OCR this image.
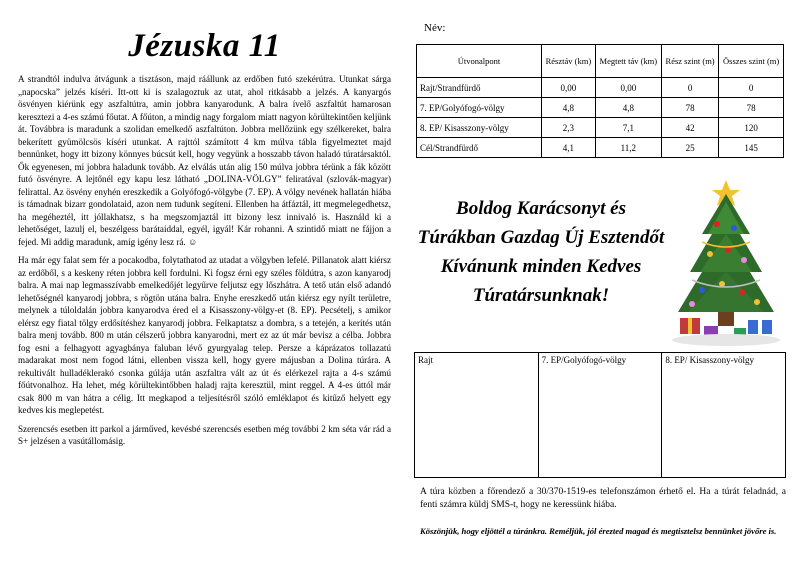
Jézuska 11

A strandtól indulva átvágunk a tisztáson, majd ráállunk az erdőben futó szekérútra. Utunkat sárga „napocska” jelzés kíséri. Itt-ott ki is szalagoztuk az utat, ahol ritkásabb a jelzés. A kanyargós ösvényen kiérünk egy aszfaltútra, amin jobbra kanyarodunk. A balra ívelő aszfaltút hamarosan keresztezi a 4-es számú főutat. A főúton, a mindig nagy forgalom miatt nagyon körültekintően keljünk át. Továbbra is maradunk a szolidan emelkedő aszfaltúton. Jobbra mellőzünk egy szélkereket, balra bekerített gyümölcsös kíséri utunkat. A rajttól számított 4 km múlva tábla figyelmeztet majd bennünket, hogy itt bizony könnyes búcsút kell, hogy vegyünk a hosszabb távon haladó túratársaktól. Ők egyenesen, mi jobbra haladunk tovább. Az elválás után alig 150 múlva jobbra térünk a fák között futó ösvényre. A lejtőnél egy kapu lesz látható „DOLINA-VÖLGY” feliratával (szlovák-magyar) felirattal. Az ösvény enyhén ereszkedik a Golyófogó-völgybe (7. EP). A völgy nevének hallatán hiába is támadnak bizarr gondolataid, azon nem tudunk segíteni. Ellenben ha átfáztál, itt megmelegedhetsz, ha megéheztél, itt jóllakhatsz, s ha megszomjaztál itt bizony lesz innivaló is. Használd ki a lehetőséget, lazulj el, beszélgess barátaiddal, egyél, igyál! Kár rohanni. A szintidő miatt ne fájjon a fejed. Mi addig maradunk, amíg igény lesz rá. ☺

Ha már egy falat sem fér a pocakodba, folytathatod az utadat a völgyben lefelé. Pillanatok alatt kiérsz az erdőből, s a keskeny réten jobbra kell fordulni. Ki fogsz érni egy széles földútra, s azon kanyarodj balra. A mai nap legmasszívabb emelkedőjét legyűrve feljutsz egy lőszhátra. A tető után első adandó lehetőségnél kanyarodj jobbra, s rögtön utána balra. Enyhe ereszkedő után kiérsz egy nyílt területre, melynek a túloldalán jobbra kanyarodva éred el a Kisasszony-völgy-et (8. EP). Pecsételj, s amikor elérsz egy fiatal tölgy erdősítéshez kanyarodj jobbra. Felkaptatsz a dombra, s a tetején, a kerítés után balra menj tovább. 800 m után célszerű jobbra kanyarodni, mert ez az út már bevisz a célba. Jobbra fog esni a felhagyott agyagbánya faluban lévő gyurgyalag telep. Persze a káprázatos tollazatú madarakat most nem fogod látni, ellenben vissza kell, hogy gyere májusban a Dolina túrára. A rekultivált hulladéklerakó csonka gúlája után aszfaltra vált az út és elérkezel rajta a 4-s számú főútvonalhoz. Ha lehet, még körültekintőbben haladj rajta keresztül, mint reggel. A 4-es úttól már csak 800 m van hátra a célig. Itt megkapod a teljesítésről szóló emléklapot és kitűző helyett egy kedves kis meglepetést.

Szerencsés esetben itt parkol a járműved, kevésbé szerencsés esetben még további 2 km séta vár rád a S+ jelzésen a vasútállomásig.

Név:
Útvonalpont	Résztáv (km)	Megtett táv (km)	Rész szint (m)	Összes szint (m)
Rajt/Strandfürdő	0,00	0,00	0	0
7. EP/Golyófogó-völgy	4,8	4,8	78	78
8. EP/ Kisasszony-völgy	2,3	7,1	42	120
Cél/Strandfürdő	4,1	11,2	25	145
Boldog Karácsonyt és Túrákban Gazdag Új Esztendőt Kívánunk minden Kedves Túratársunknak!
Rajt	7. EP/Golyófogó-völgy	8. EP/ Kisasszony-völgy
A túra közben a főrendező a 30/370-1519-es telefonszámon érhető el. Ha a túrát feladnád, a fenti számra küldj SMS-t, hogy ne keressünk hiába.
Köszönjük, hogy eljöttél a túránkra. Reméljük, jól érezted magad és megtisztelsz bennünket jövőre is.
